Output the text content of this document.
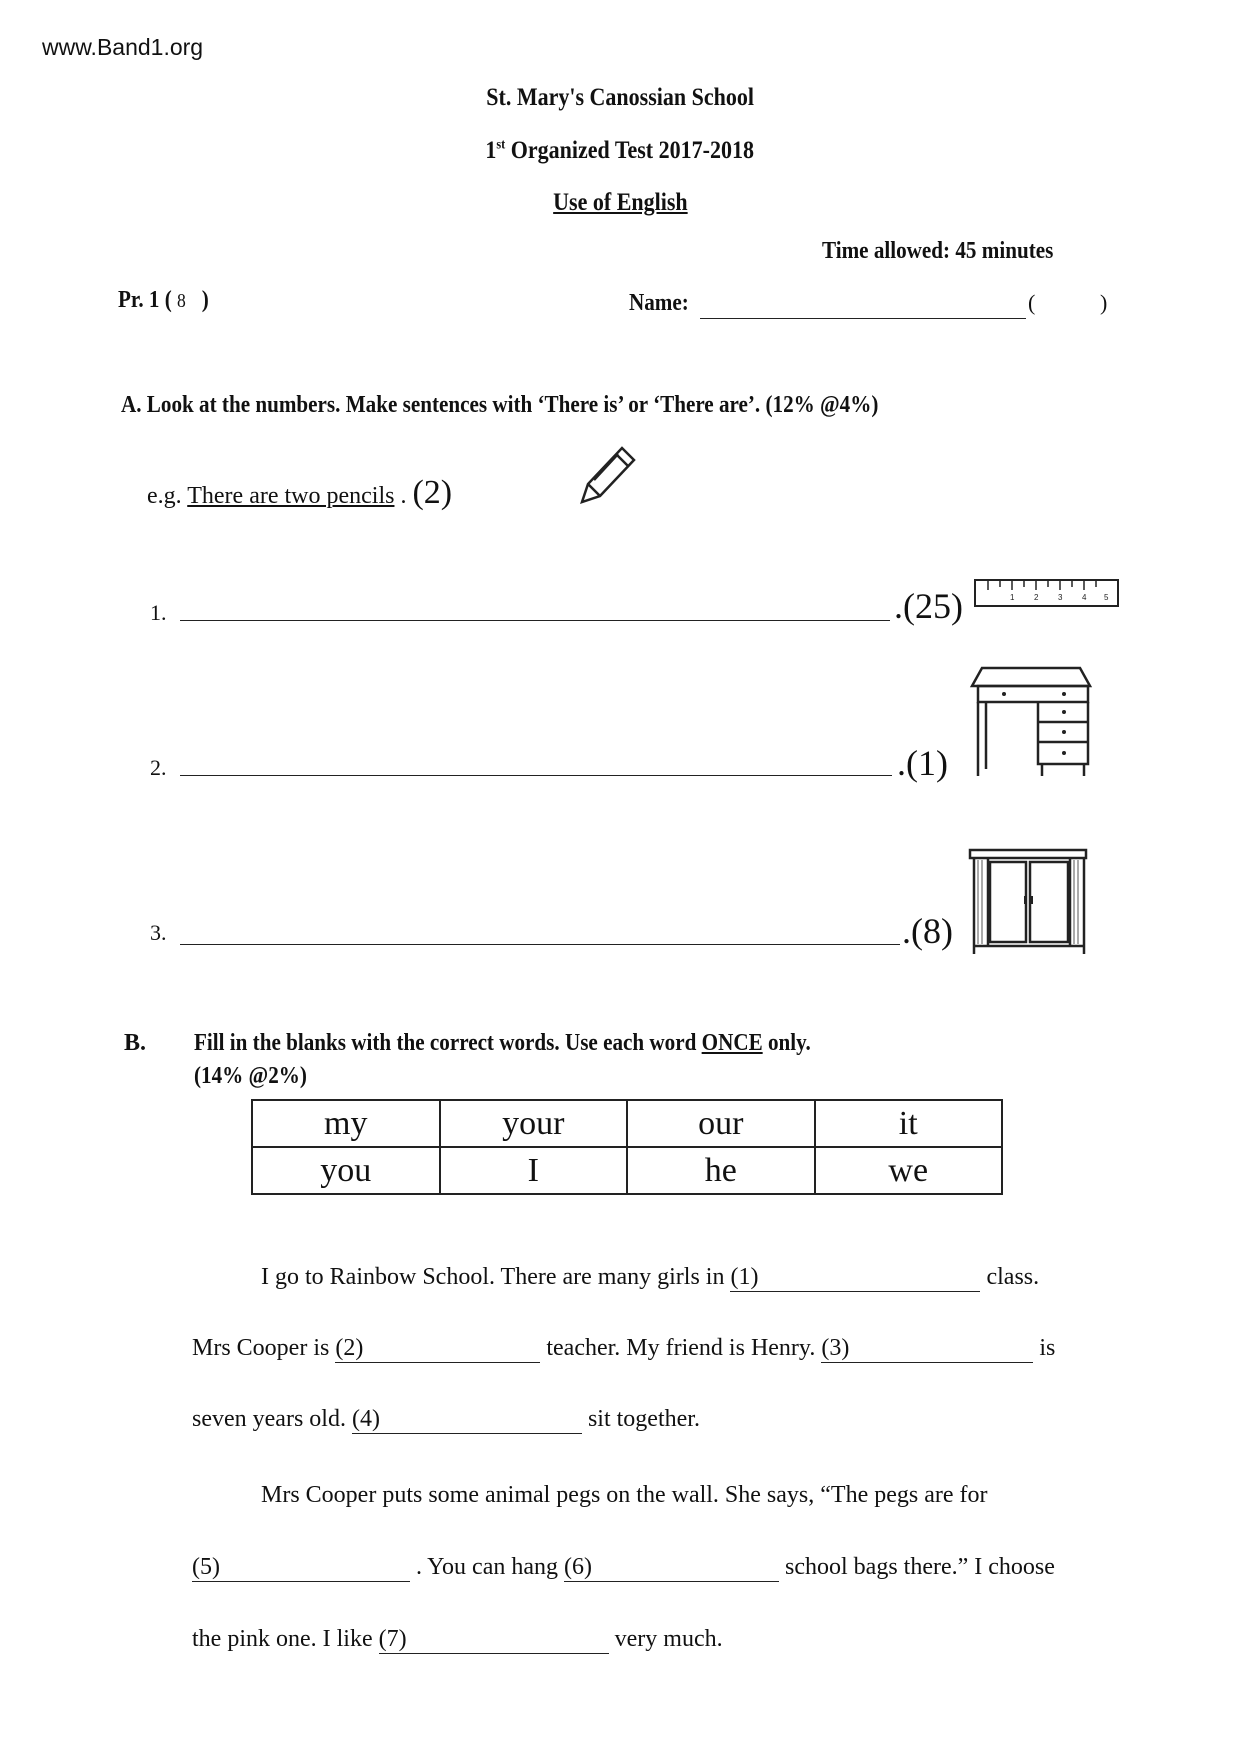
www.Band1.org
St. Mary's Canossian School
1st Organized Test 2017-2018
Use of English
Time allowed: 45 minutes
Pr. 1 ( 8 )	Name:	(	)
A. Look at the numbers. Make sentences with ‘There is’ or ‘There are’. (12% @4%)
e.g. There are two pencils . (2)
1.	.(25)	1 2 3 4 5
2.	.(1)
3.	.(8)
B. Fill in the blanks with the correct words. Use each word ONCE only.
(14% @2%)
my	your	our	it
you	I	he	we
I go to Rainbow School. There are many girls in (1)	class.
Mrs Cooper is (2)	teacher. My friend is Henry. (3)	is
seven years old. (4)	sit together.
Mrs Cooper puts some animal pegs on the wall. She says, “The pegs are for
(5)	. You can hang (6)	school bags there.” I choose
the pink one. I like (7)	very much.
